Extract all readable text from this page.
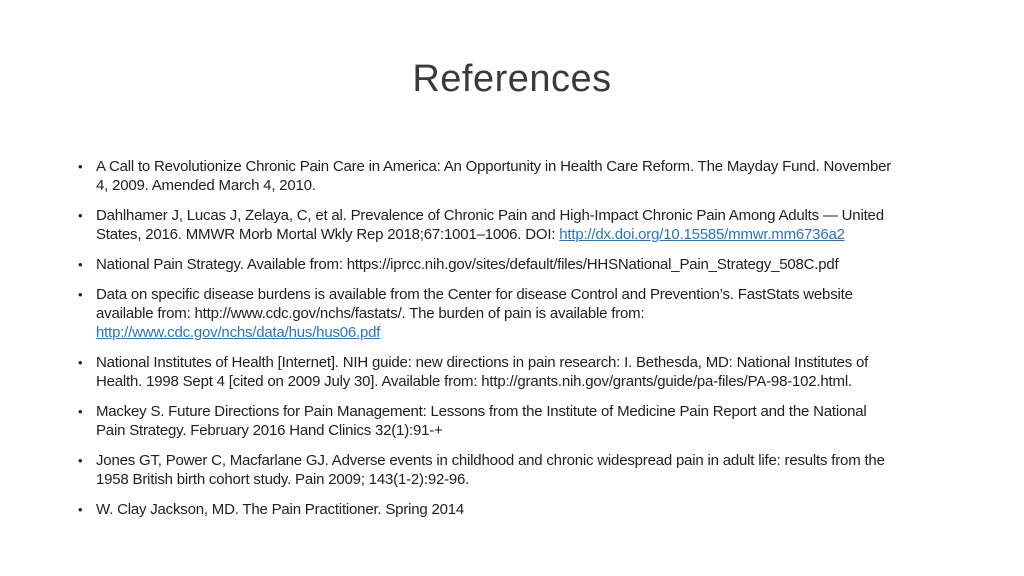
References
• A Call to Revolutionize Chronic Pain Care in America: An Opportunity in Health Care Reform. The Mayday Fund. November
4, 2009. Amended March 4, 2010.
• Dahlhamer J, Lucas J, Zelaya, C, et al. Prevalence of Chronic Pain and High-Impact Chronic Pain Among Adults — United
States, 2016. MMWR Morb Mortal Wkly Rep 2018;67:1001–1006. DOI: http://dx.doi.org/10.15585/mmwr.mm6736a2
• National Pain Strategy. Available from: https://iprcc.nih.gov/sites/default/files/HHSNational_Pain_Strategy_508C.pdf
• Data on specific disease burdens is available from the Center for disease Control and Prevention’s. FastStats website
available from: http://www.cdc.gov/nchs/fastats/. The burden of pain is available from:
http://www.cdc.gov/nchs/data/hus/hus06.pdf
• National Institutes of Health [Internet]. NIH guide: new directions in pain research: I. Bethesda, MD: National Institutes of
Health. 1998 Sept 4 [cited on 2009 July 30]. Available from: http://grants.nih.gov/grants/guide/pa-files/PA-98-102.html.
• Mackey S. Future Directions for Pain Management: Lessons from the Institute of Medicine Pain Report and the National
Pain Strategy. February 2016 Hand Clinics 32(1):91-+
• Jones GT, Power C, Macfarlane GJ. Adverse events in childhood and chronic widespread pain in adult life: results from the
1958 British birth cohort study. Pain 2009; 143(1-2):92-96.
• W. Clay Jackson, MD. The Pain Practitioner. Spring 2014
